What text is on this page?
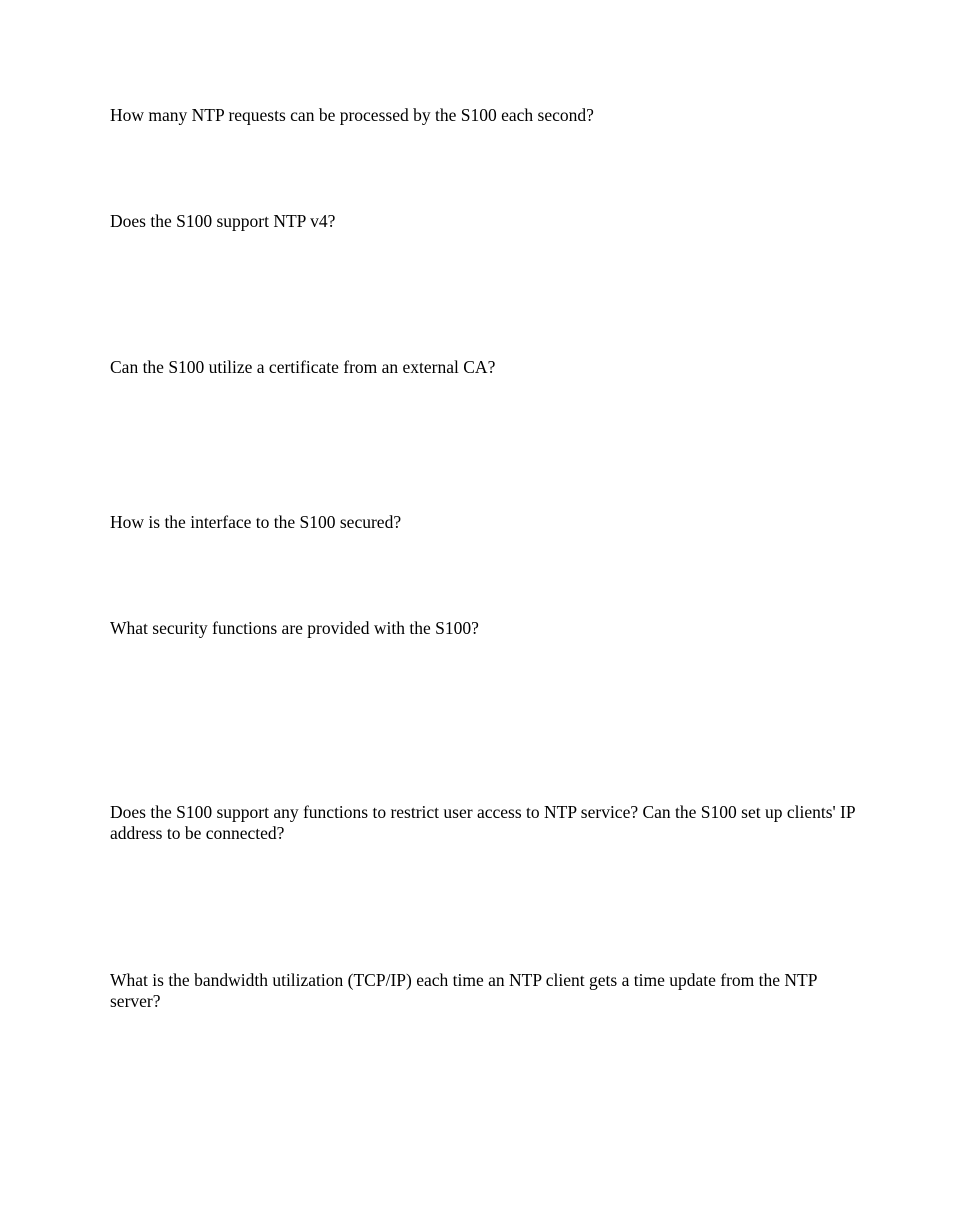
How many NTP requests can be processed by the S100 each second?

Does the S100 support NTP v4?

Can the S100 utilize a certificate from an external CA?

How is the interface to the S100 secured?

What security functions are provided with the S100?

Does the S100 support any functions to restrict user access to NTP service? Can the S100 set up clients' IP address to be connected?

What is the bandwidth utilization (TCP/IP) each time an NTP client gets a time update from the NTP server?
